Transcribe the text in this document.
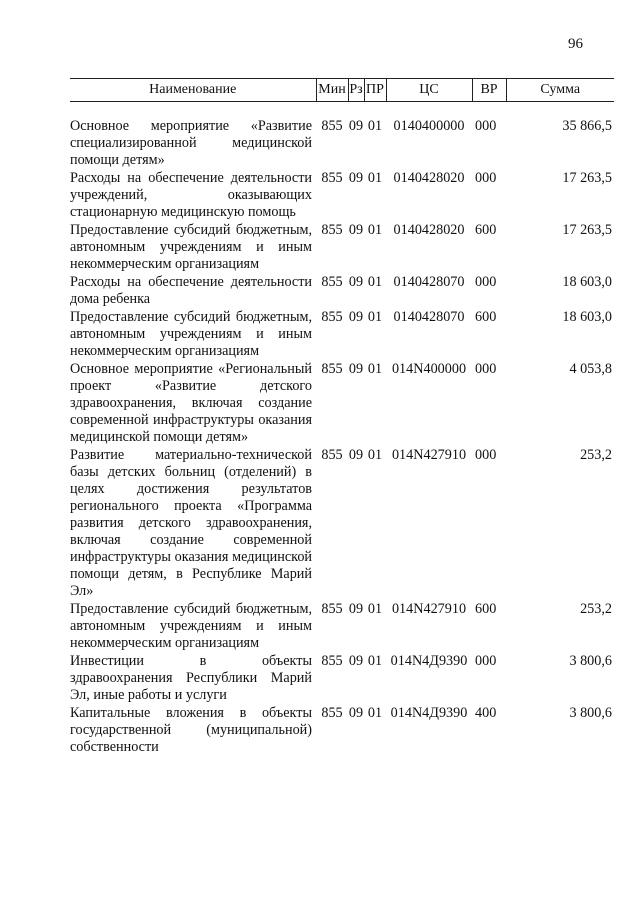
96
Наименование	Мин	Рз	ПР	ЦС	ВР	Сумма

Основное мероприятие «Развитие специализированной медицинской помощи детям»	855	09	01	0140400000	000	35 866,5
Расходы на обеспечение деятельности учреждений, оказывающих стационарную медицинскую помощь	855	09	01	0140428020	000	17 263,5
Предоставление субсидий бюджетным, автономным учреждениям и иным некоммерческим организациям	855	09	01	0140428020	600	17 263,5
Расходы на обеспечение деятельности дома ребенка	855	09	01	0140428070	000	18 603,0
Предоставление субсидий бюджетным, автономным учреждениям и иным некоммерческим организациям	855	09	01	0140428070	600	18 603,0
Основное мероприятие «Региональный проект «Развитие детского здравоохранения, включая создание современной инфраструктуры оказания медицинской помощи детям»	855	09	01	014N400000	000	4 053,8
Развитие материально-технической базы детских больниц (отделений) в целях достижения результатов регионального проекта «Программа развития детского здравоохранения, включая создание современной инфраструктуры оказания медицинской помощи детям, в Республике Марий Эл»	855	09	01	014N427910	000	253,2
Предоставление субсидий бюджетным, автономным учреждениям и иным некоммерческим организациям	855	09	01	014N427910	600	253,2
Инвестиции в объекты здравоохранения Республики Марий Эл, иные работы и услуги	855	09	01	014N4Д9390	000	3 800,6
Капитальные вложения в объекты государственной (муниципальной) собственности	855	09	01	014N4Д9390	400	3 800,6
